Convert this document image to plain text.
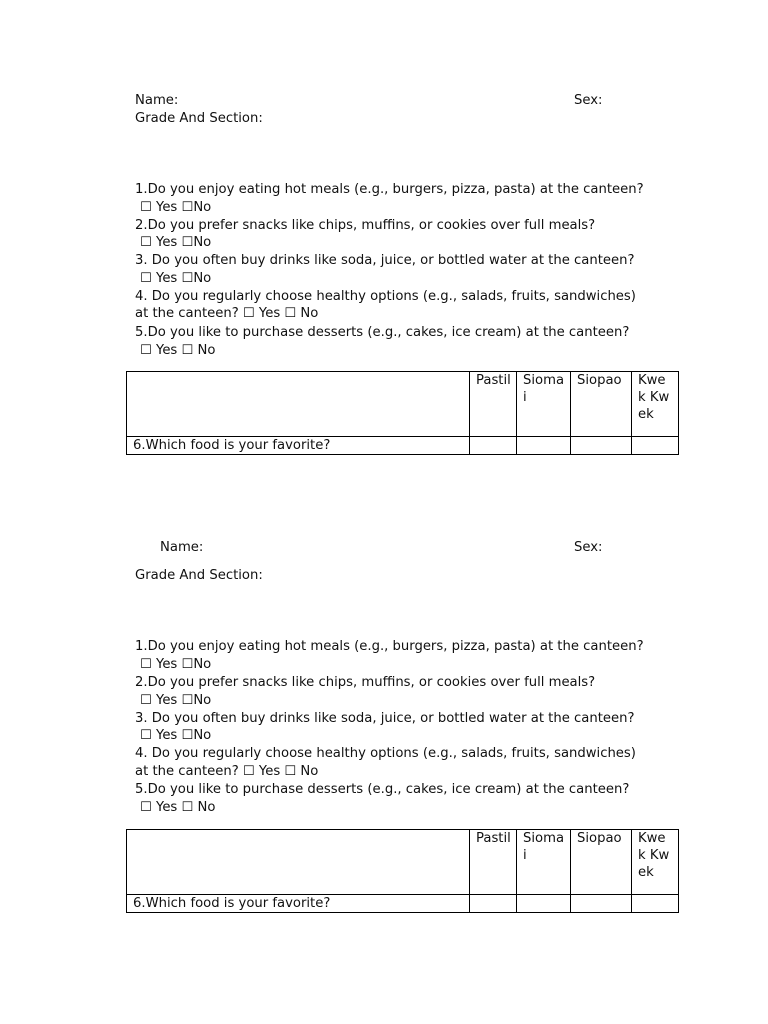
Name:	Sex:
Grade And Section:
1.Do you enjoy eating hot meals (e.g., burgers, pizza, pasta) at the canteen?
☐ Yes ☐No
2.Do you prefer snacks like chips, muffins, or cookies over full meals?
☐ Yes ☐No
3. Do you often buy drinks like soda, juice, or bottled water at the canteen?
☐ Yes ☐No
4. Do you regularly choose healthy options (e.g., salads, fruits, sandwiches)
at the canteen? ☐ Yes ☐ No
5.Do you like to purchase desserts (e.g., cakes, ice cream) at the canteen?
☐ Yes ☐ No
	Pastil	Siomai	Siopao	Kwek Kwek
6.Which food is your favorite?				
Name:	Sex:
Grade And Section:
1.Do you enjoy eating hot meals (e.g., burgers, pizza, pasta) at the canteen?
☐ Yes ☐No
2.Do you prefer snacks like chips, muffins, or cookies over full meals?
☐ Yes ☐No
3. Do you often buy drinks like soda, juice, or bottled water at the canteen?
☐ Yes ☐No
4. Do you regularly choose healthy options (e.g., salads, fruits, sandwiches)
at the canteen? ☐ Yes ☐ No
5.Do you like to purchase desserts (e.g., cakes, ice cream) at the canteen?
☐ Yes ☐ No
	Pastil	Siomai	Siopao	Kwek Kwek
6.Which food is your favorite?				
